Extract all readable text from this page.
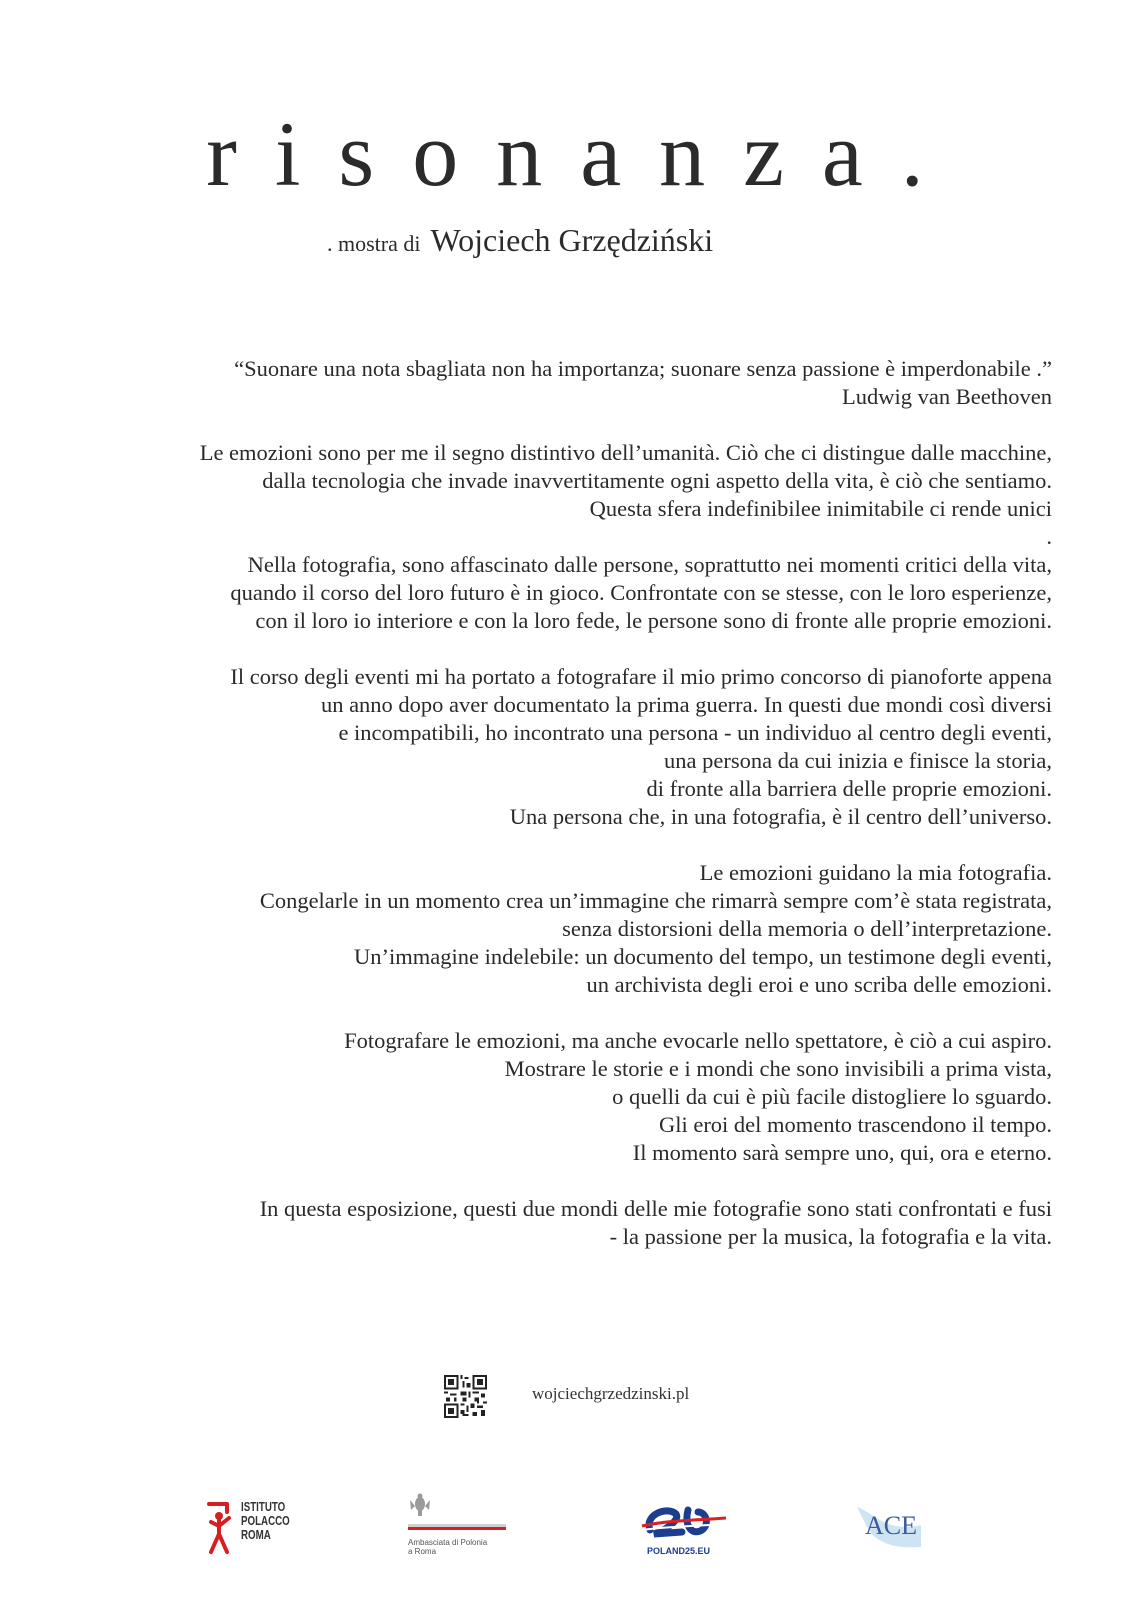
risonanza.
. mostra di Wojciech Grzędziński
“Suonare una nota sbagliata non ha importanza; suonare senza passione è imperdonabile .”
Ludwig van Beethoven
Le emozioni sono per me il segno distintivo dell’umanità. Ciò che ci distingue dalle macchine,
dalla tecnologia che invade inavvertitamente ogni aspetto della vita, è ciò che sentiamo.
Questa sfera indefinibilee inimitabile ci rende unici
.
Nella fotografia, sono affascinato dalle persone, soprattutto nei momenti critici della vita,
quando il corso del loro futuro è in gioco. Confrontate con se stesse, con le loro esperienze,
con il loro io interiore e con la loro fede, le persone sono di fronte alle proprie emozioni.
Il corso degli eventi mi ha portato a fotografare il mio primo concorso di pianoforte appena
un anno dopo aver documentato la prima guerra. In questi due mondi così diversi
e incompatibili, ho incontrato una persona - un individuo al centro degli eventi,
una persona da cui inizia e finisce la storia,
di fronte alla barriera delle proprie emozioni.
Una persona che, in una fotografia, è il centro dell’universo.
Le emozioni guidano la mia fotografia.
Congelarle in un momento crea un’immagine che rimarrà sempre com’è stata registrata,
senza distorsioni della memoria o dell’interpretazione.
Un’immagine indelebile: un documento del tempo, un testimone degli eventi,
un archivista degli eroi e uno scriba delle emozioni.
Fotografare le emozioni, ma anche evocarle nello spettatore, è ciò a cui aspiro.
Mostrare le storie e i mondi che sono invisibili a prima vista,
o quelli da cui è più facile distogliere lo sguardo.
Gli eroi del momento trascendono il tempo.
Il momento sarà sempre uno, qui, ora e eterno.
In questa esposizione, questi due mondi delle mie fotografie sono stati confrontati e fusi
- la passione per la musica, la fotografia e la vita.
wojciechgrzedzinski.pl
ISTITUTO
POLACCO
ROMA
Ambasciata di Polonia
a Roma	POLAND25.EU
ACE
